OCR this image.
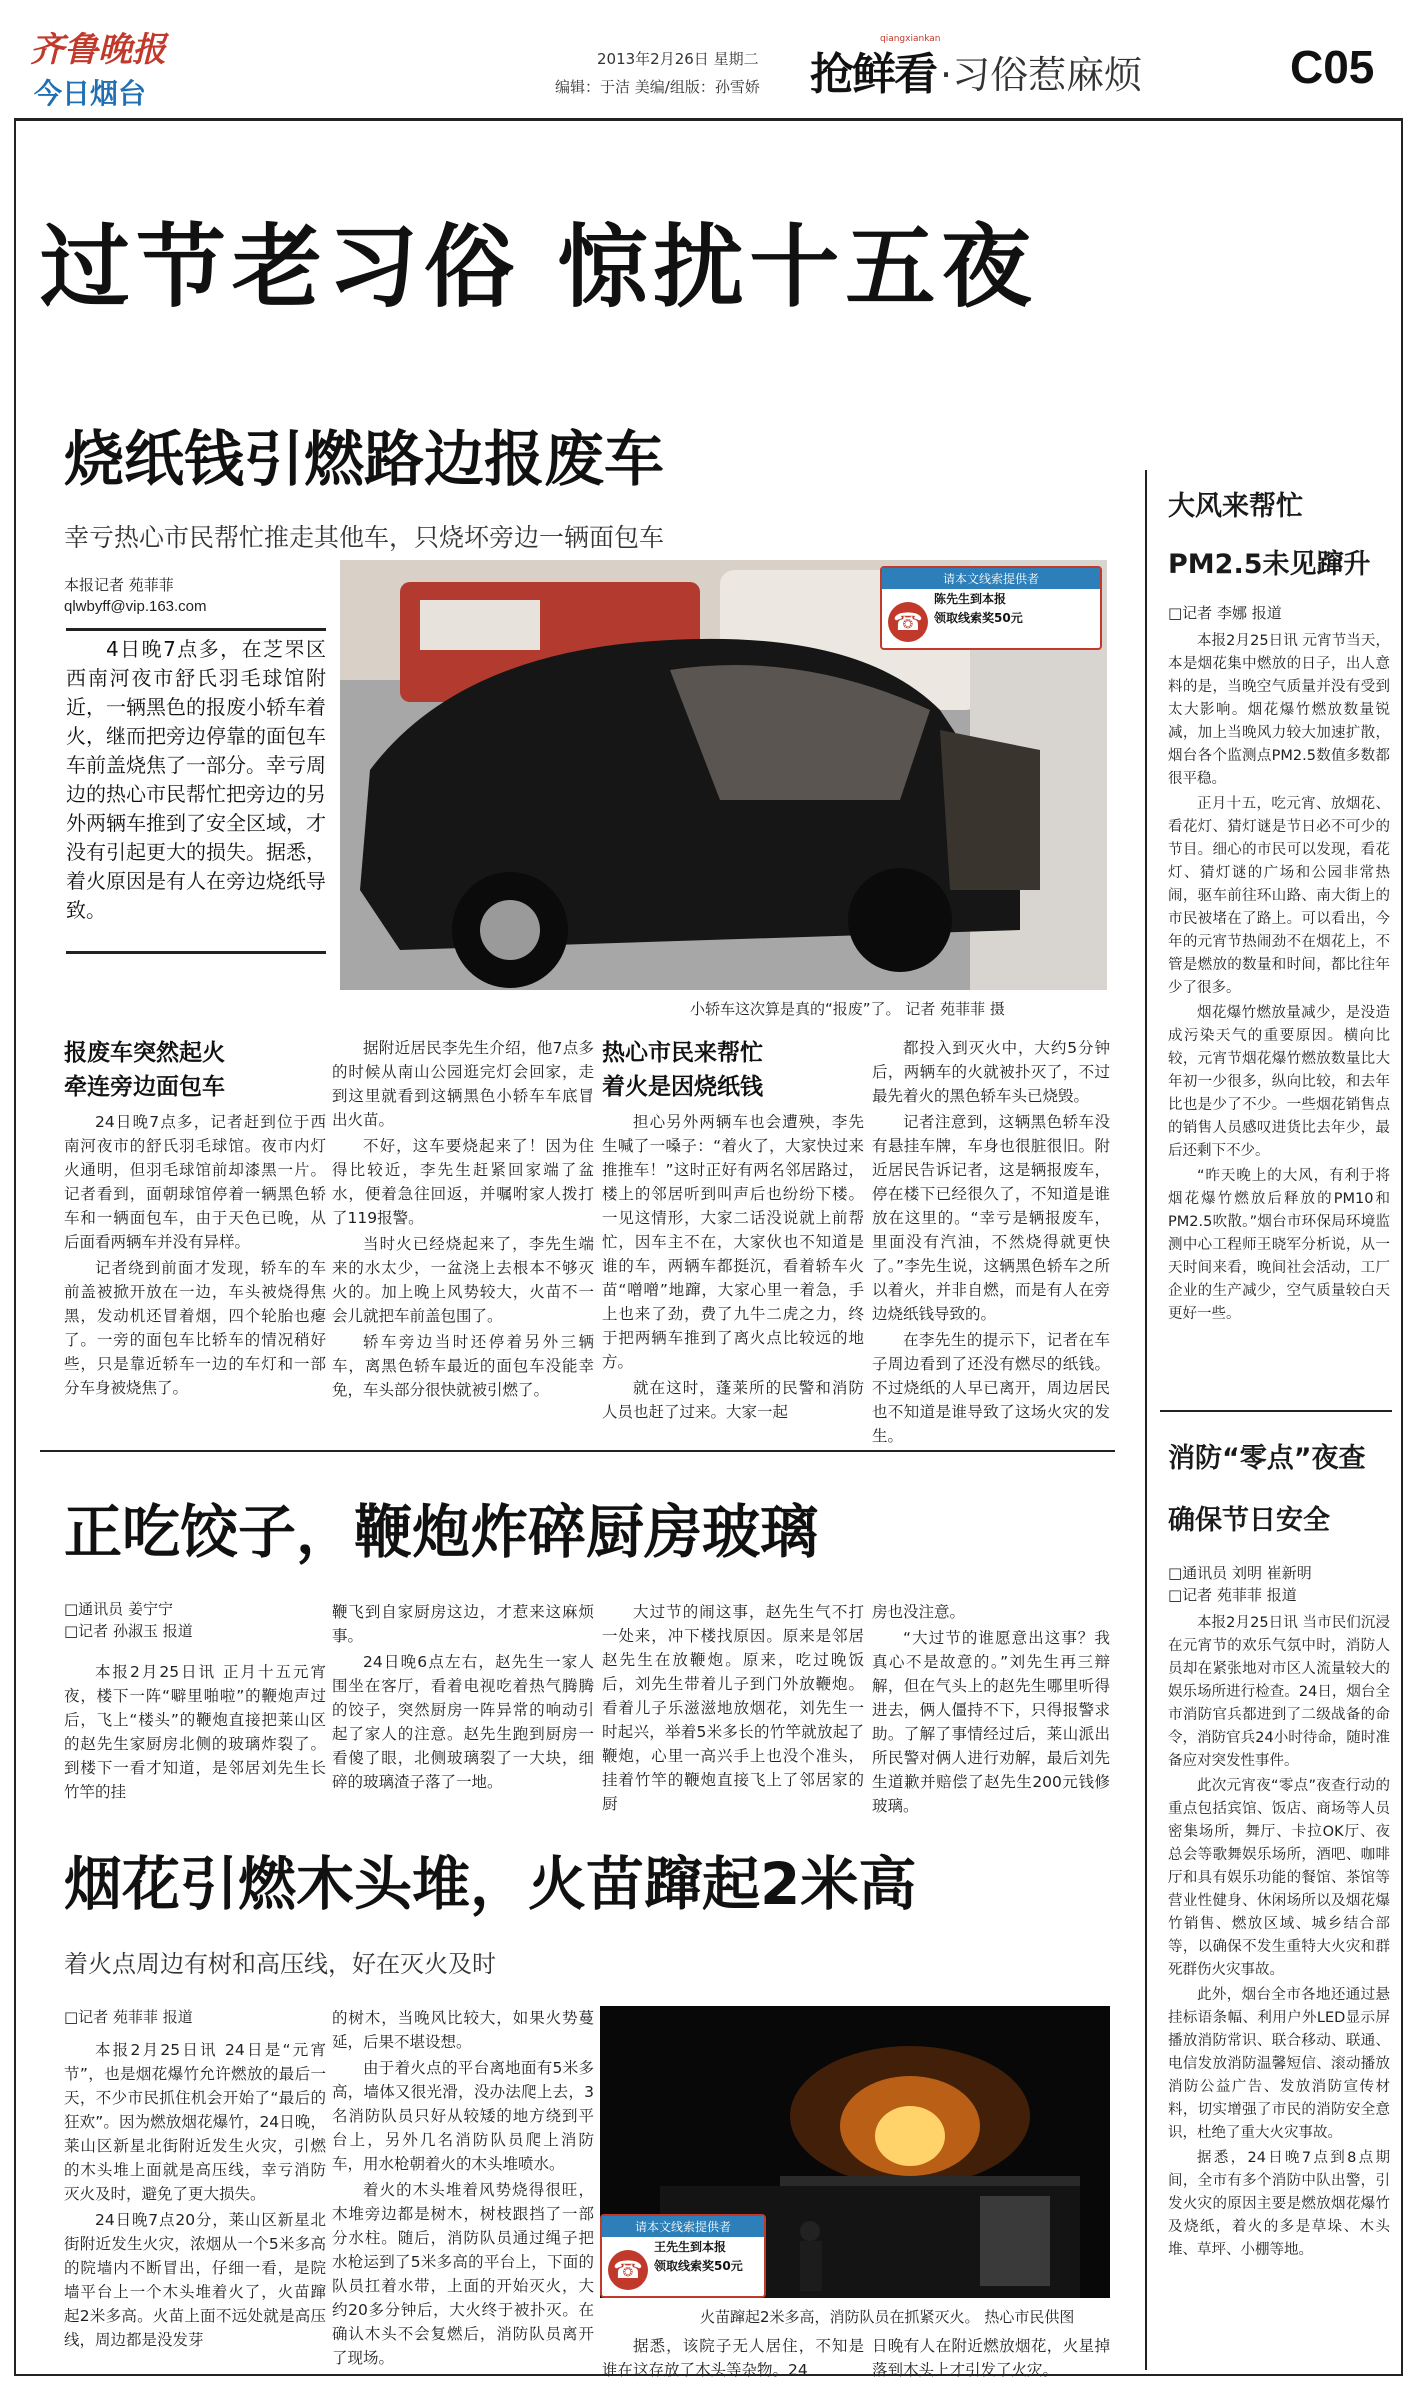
齐鲁晚报
今日烟台
2013年2月26日 星期二
编辑：于洁 美编/组版：孙雪娇 抢鲜看
qiangxiankan
·习俗惹麻烦	C05
过节老习俗 惊扰十五夜
烧纸钱引燃路边报废车
幸亏热心市民帮忙推走其他车，只烧坏旁边一辆面包车
本报记者 苑菲菲
qlwbyff@vip.163.com
4日晚7点多，在芝罘区西南河夜市舒氏羽毛球馆附近，一辆黑色的报废小轿车着火，继而把旁边停靠的面包车车前盖烧焦了一部分。幸亏周边的热心市民帮忙把旁边的另外两辆车推到了安全区域，才没有引起更大的损失。据悉，着火原因是有人在旁边烧纸导致。
请本文线索提供者
☎
陈先生到本报
领取线索奖50元
小轿车这次算是真的“报废”了。 记者 苑菲菲 摄
报废车突然起火
牵连旁边面包车

24日晚7点多，记者赶到位于西南河夜市的舒氏羽毛球馆。夜市内灯火通明，但羽毛球馆前却漆黑一片。记者看到，面朝球馆停着一辆黑色轿车和一辆面包车，由于天色已晚，从后面看两辆车并没有异样。

记者绕到前面才发现，轿车的车前盖被掀开放在一边，车头被烧得焦黑，发动机还冒着烟，四个轮胎也瘪了。一旁的面包车比轿车的情况稍好些，只是靠近轿车一边的车灯和一部分车身被烧焦了。

据附近居民李先生介绍，他7点多的时候从南山公园逛完灯会回家，走到这里就看到这辆黑色小轿车车底冒出火苗。

不好，这车要烧起来了！因为住得比较近，李先生赶紧回家端了盆水，便着急往回返，并嘱咐家人拨打了119报警。

当时火已经烧起来了，李先生端来的水太少，一盆浇上去根本不够灭火的。加上晚上风势较大，火苗不一会儿就把车前盖包围了。

轿车旁边当时还停着另外三辆车，离黑色轿车最近的面包车没能幸免，车头部分很快就被引燃了。

热心市民来帮忙
着火是因烧纸钱

担心另外两辆车也会遭殃，李先生喊了一嗓子：“着火了，大家快过来推推车！”这时正好有两名邻居路过，楼上的邻居听到叫声后也纷纷下楼。一见这情形，大家二话没说就上前帮忙，因车主不在，大家伙也不知道是谁的车，两辆车都挺沉，看着轿车火苗“噌噌”地蹿，大家心里一着急，手上也来了劲，费了九牛二虎之力，终于把两辆车推到了离火点比较远的地方。

就在这时，蓬莱所的民警和消防人员也赶了过来。大家一起

都投入到灭火中，大约5分钟后，两辆车的火就被扑灭了，不过最先着火的黑色轿车头已烧毁。

记者注意到，这辆黑色轿车没有悬挂车牌，车身也很脏很旧。附近居民告诉记者，这是辆报废车，停在楼下已经很久了，不知道是谁放在这里的。“幸亏是辆报废车，里面没有汽油，不然烧得就更快了。”李先生说，这辆黑色轿车之所以着火，并非自燃，而是有人在旁边烧纸钱导致的。

在李先生的提示下，记者在车子周边看到了还没有燃尽的纸钱。不过烧纸的人早已离开，周边居民也不知道是谁导致了这场火灾的发生。

正吃饺子，鞭炮炸碎厨房玻璃
□通讯员 姜宁宁
□记者 孙淑玉 报道

本报2月25日讯 正月十五元宵夜，楼下一阵“噼里啪啦”的鞭炮声过后，飞上“楼头”的鞭炮直接把莱山区的赵先生家厨房北侧的玻璃炸裂了。到楼下一看才知道，是邻居刘先生长竹竿的挂

鞭飞到自家厨房这边，才惹来这麻烦事。

24日晚6点左右，赵先生一家人围坐在客厅，看着电视吃着热气腾腾的饺子，突然厨房一阵异常的响动引起了家人的注意。赵先生跑到厨房一看傻了眼，北侧玻璃裂了一大块，细碎的玻璃渣子落了一地。

大过节的闹这事，赵先生气不打一处来，冲下楼找原因。原来是邻居赵先生在放鞭炮。原来，吃过晚饭后，刘先生带着儿子到门外放鞭炮。看着儿子乐滋滋地放烟花，刘先生一时起兴，举着5米多长的竹竿就放起了鞭炮，心里一高兴手上也没个准头，挂着竹竿的鞭炮直接飞上了邻居家的厨

房也没注意。

“大过节的谁愿意出这事？我真心不是故意的。”刘先生再三辩解，但在气头上的赵先生哪里听得进去，俩人僵持不下，只得报警求助。了解了事情经过后，莱山派出所民警对俩人进行劝解，最后刘先生道歉并赔偿了赵先生200元钱修玻璃。

烟花引燃木头堆，火苗蹿起2米高
着火点周边有树和高压线，好在灭火及时
□记者 苑菲菲 报道

本报2月25日讯 24日是“元宵节”，也是烟花爆竹允许燃放的最后一天，不少市民抓住机会开始了“最后的狂欢”。因为燃放烟花爆竹，24日晚，莱山区新星北街附近发生火灾，引燃的木头堆上面就是高压线，幸亏消防灭火及时，避免了更大损失。

24日晚7点20分，莱山区新星北街附近发生火灾，浓烟从一个5米多高的院墙内不断冒出，仔细一看，是院墙平台上一个木头堆着火了，火苗蹿起2米多高。火苗上面不远处就是高压线，周边都是没发芽

的树木，当晚风比较大，如果火势蔓延，后果不堪设想。

由于着火点的平台离地面有5米多高，墙体又很光滑，没办法爬上去，3名消防队员只好从较矮的地方绕到平台上，另外几名消防队员爬上消防车，用水枪朝着火的木头堆喷水。

着火的木头堆着风势烧得很旺，木堆旁边都是树木，树枝跟挡了一部分水柱。随后，消防队员通过绳子把水枪运到了5米多高的平台上，下面的队员扛着水带，上面的开始灭火，大约20多分钟后，大火终于被扑灭。在确认木头不会复燃后，消防队员离开了现场。

请本文线索提供者
☎
王先生到本报
领取线索奖50元
火苗蹿起2米多高，消防队员在抓紧灭火。 热心市民供图

据悉，该院子无人居住，不知是谁在这存放了木头等杂物。24

日晚有人在附近燃放烟花，火星掉落到木头上才引发了火灾。

大风来帮忙
PM2.5未见蹿升
□记者 李娜 报道

本报2月25日讯 元宵节当天，本是烟花集中燃放的日子，出人意料的是，当晚空气质量并没有受到太大影响。烟花爆竹燃放数量锐减，加上当晚风力较大加速扩散，烟台各个监测点PM2.5数值多数都很平稳。

正月十五，吃元宵、放烟花、看花灯、猜灯谜是节日必不可少的节目。细心的市民可以发现，看花灯、猜灯谜的广场和公园非常热闹，驱车前往环山路、南大街上的市民被堵在了路上。可以看出，今年的元宵节热闹劲不在烟花上，不管是燃放的数量和时间，都比往年少了很多。

烟花爆竹燃放量减少，是没造成污染天气的重要原因。横向比较，元宵节烟花爆竹燃放数量比大年初一少很多，纵向比较，和去年比也是少了不少。一些烟花销售点的销售人员感叹进货比去年少，最后还剩下不少。

“昨天晚上的大风，有利于将烟花爆竹燃放后释放的PM10和PM2.5吹散。”烟台市环保局环境监测中心工程师王晓军分析说，从一天时间来看，晚间社会活动，工厂企业的生产减少，空气质量较白天更好一些。

消防“零点”夜查
确保节日安全
□通讯员 刘明 崔新明
□记者 苑菲菲 报道

本报2月25日讯 当市民们沉浸在元宵节的欢乐气氛中时，消防人员却在紧张地对市区人流量较大的娱乐场所进行检查。24日，烟台全市消防官兵都进到了二级战备的命令，消防官兵24小时待命，随时准备应对突发性事件。

此次元宵夜“零点”夜查行动的重点包括宾馆、饭店、商场等人员密集场所，舞厅、卡拉OK厅、夜总会等歌舞娱乐场所，酒吧、咖啡厅和具有娱乐功能的餐馆、茶馆等营业性健身、休闲场所以及烟花爆竹销售、燃放区域、城乡结合部等，以确保不发生重特大火灾和群死群伤火灾事故。

此外，烟台全市各地还通过悬挂标语条幅、利用户外LED显示屏播放消防常识、联合移动、联通、电信发放消防温馨短信、滚动播放消防公益广告、发放消防宣传材料，切实增强了市民的消防安全意识，杜绝了重大火灾事故。

据悉，24日晚7点到8点期间，全市有多个消防中队出警，引发火灾的原因主要是燃放烟花爆竹及烧纸，着火的多是草垛、木头堆、草坪、小棚等地。
